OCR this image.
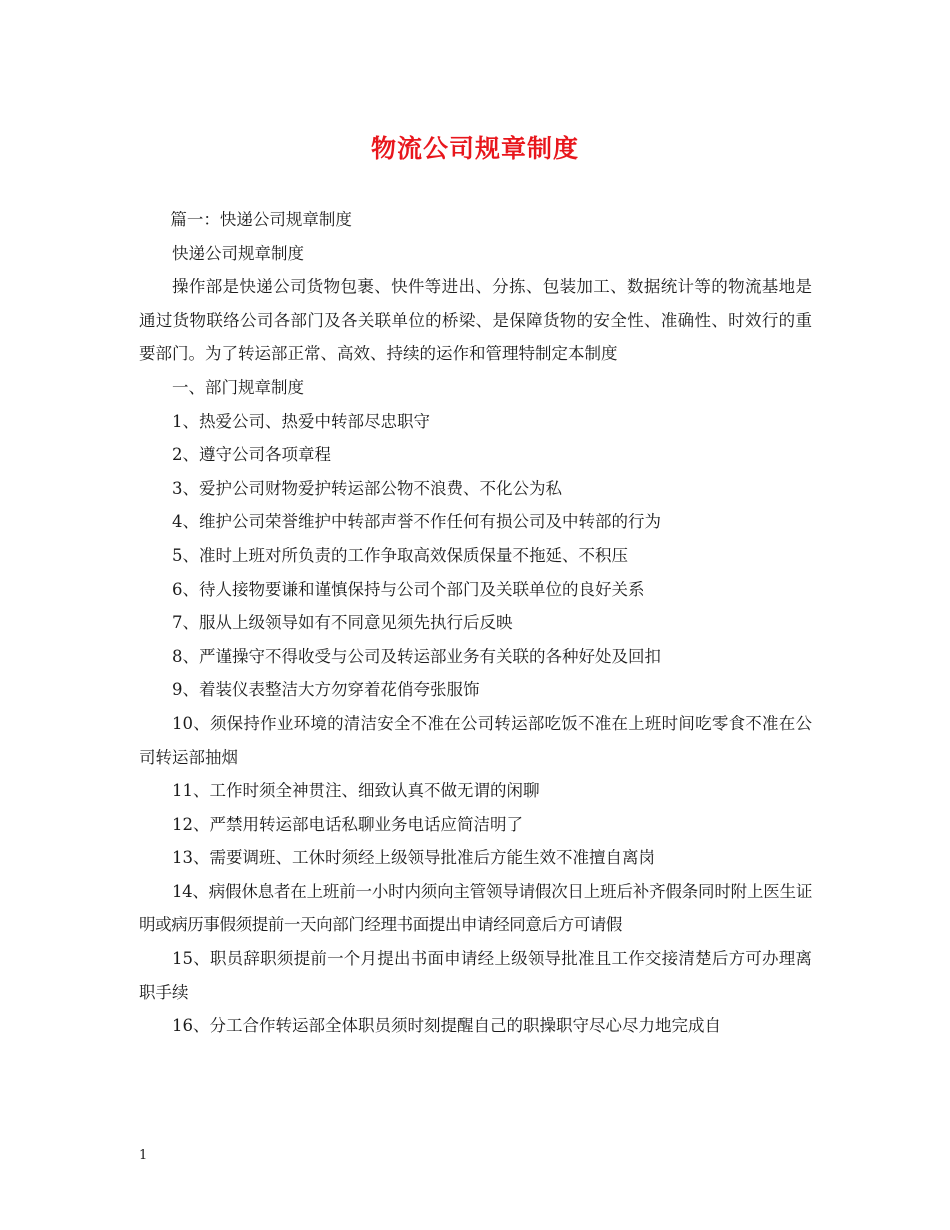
物流公司规章制度

篇一：快递公司规章制度

快递公司规章制度

操作部是快递公司货物包裹、快件等进出、分拣、包装加工、数据统计等的物流基地是通过货物联络公司各部门及各关联单位的桥梁、是保障货物的安全性、准确性、时效行的重要部门。为了转运部正常、高效、持续的运作和管理特制定本制度

一、部门规章制度

1、热爱公司、热爱中转部尽忠职守

2、遵守公司各项章程

3、爱护公司财物爱护转运部公物不浪费、不化公为私

4、维护公司荣誉维护中转部声誉不作任何有损公司及中转部的行为

5、准时上班对所负责的工作争取高效保质保量不拖延、不积压

6、待人接物要谦和谨慎保持与公司个部门及关联单位的良好关系

7、服从上级领导如有不同意见须先执行后反映

8、严谨操守不得收受与公司及转运部业务有关联的各种好处及回扣

9、着装仪表整洁大方勿穿着花俏夸张服饰

10、须保持作业环境的清洁安全不准在公司转运部吃饭不准在上班时间吃零食不准在公司转运部抽烟

11、工作时须全神贯注、细致认真不做无谓的闲聊

12、严禁用转运部电话私聊业务电话应简洁明了

13、需要调班、工休时须经上级领导批准后方能生效不准擅自离岗

14、病假休息者在上班前一小时内须向主管领导请假次日上班后补齐假条同时附上医生证明或病历事假须提前一天向部门经理书面提出申请经同意后方可请假

15、职员辞职须提前一个月提出书面申请经上级领导批准且工作交接清楚后方可办理离职手续

16、分工合作转运部全体职员须时刻提醒自己的职操职守尽心尽力地完成自

1
